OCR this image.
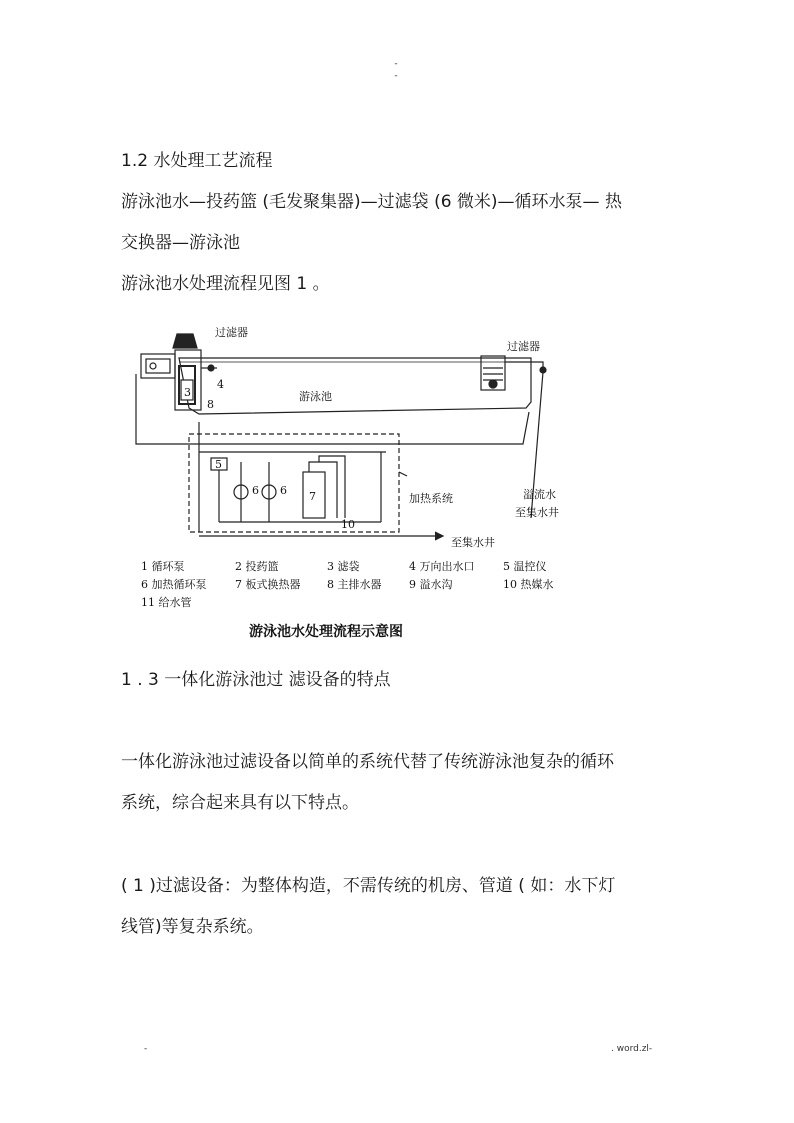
-
-
1.2 水处理工艺流程
游泳池水—投药篮 (毛发聚集器)—过滤袋 (6 微米)—循环水泵— 热
交换器—游泳池
游泳池水处理流程见图 1 。
过滤器
过滤器
游泳池
加热系统	溢流水
至集水井
至集水井
3
4
8
5
6 6 7
10
1 循环泵	2 投药篮	3 滤袋	4 万向出水口	5 温控仪
6 加热循环泵	7 板式换热器 8 主排水器	9 溢水沟	10 热媒水
11 给水管
游泳池水处理流程示意图
1 . 3 一体化游泳池过 滤设备的特点
一体化游泳池过滤设备以简单的系统代替了传统游泳池复杂的循环
系统，综合起来具有以下特点。
( 1 )过滤设备：为整体构造，不需传统的机房、管道 ( 如：水下灯
线管)等复杂系统。
-	. word.zl-
